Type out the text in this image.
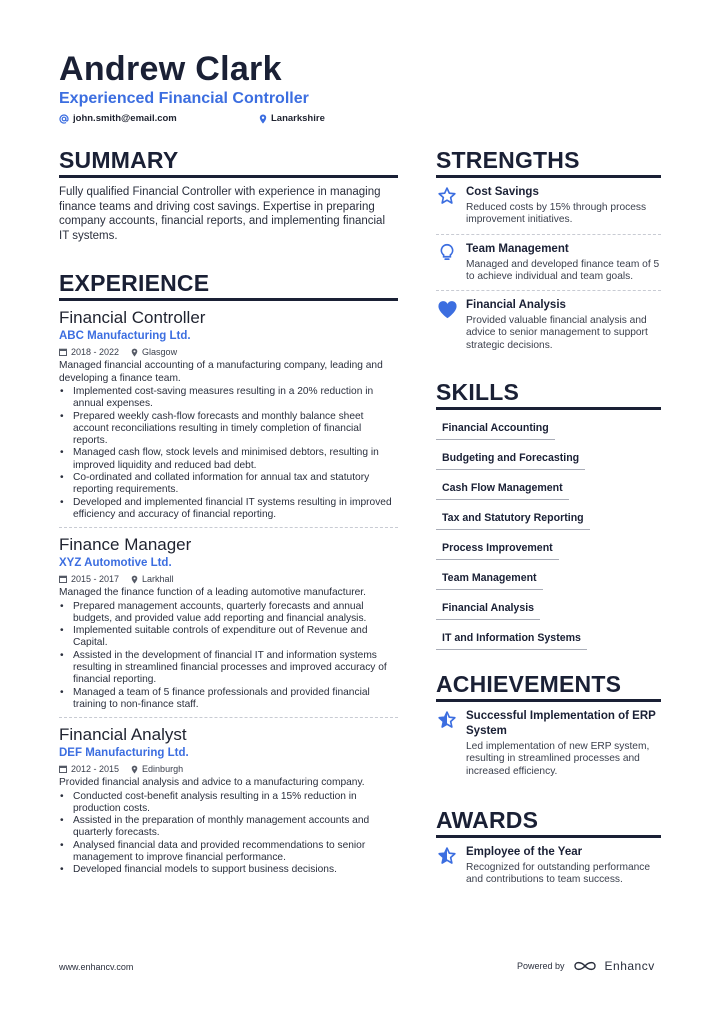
Andrew Clark
Experienced Financial Controller
john.smith@email.com	Lanarkshire
SUMMARY
Fully qualified Financial Controller with experience in managing finance teams and driving cost savings. Expertise in preparing company accounts, financial reports, and implementing financial IT systems.
EXPERIENCE
Financial Controller
ABC Manufacturing Ltd.
2018 - 2022	Glasgow
Managed financial accounting of a manufacturing company, leading and developing a finance team.
• Implemented cost-saving measures resulting in a 20% reduction in annual expenses.
• Prepared weekly cash-flow forecasts and monthly balance sheet account reconciliations resulting in timely completion of financial reports.
• Managed cash flow, stock levels and minimised debtors, resulting in improved liquidity and reduced bad debt.
• Co-ordinated and collated information for annual tax and statutory reporting requirements.
• Developed and implemented financial IT systems resulting in improved efficiency and accuracy of financial reporting.
Finance Manager
XYZ Automotive Ltd.
2015 - 2017	Larkhall
Managed the finance function of a leading automotive manufacturer.
• Prepared management accounts, quarterly forecasts and annual budgets, and provided value add reporting and financial analysis.
• Implemented suitable controls of expenditure out of Revenue and Capital.
• Assisted in the development of financial IT and information systems resulting in streamlined financial processes and improved accuracy of financial reporting.
• Managed a team of 5 finance professionals and provided financial training to non-finance staff.
Financial Analyst
DEF Manufacturing Ltd.
2012 - 2015	Edinburgh
Provided financial analysis and advice to a manufacturing company.
• Conducted cost-benefit analysis resulting in a 15% reduction in production costs.
• Assisted in the preparation of monthly management accounts and quarterly forecasts.
• Analysed financial data and provided recommendations to senior management to improve financial performance.
• Developed financial models to support business decisions.
STRENGTHS
Cost Savings
Reduced costs by 15% through process improvement initiatives.
Team Management
Managed and developed finance team of 5 to achieve individual and team goals.
Financial Analysis
Provided valuable financial analysis and advice to senior management to support strategic decisions.
SKILLS
Financial Accounting
Budgeting and Forecasting
Cash Flow Management
Tax and Statutory Reporting
Process Improvement
Team Management
Financial Analysis
IT and Information Systems
ACHIEVEMENTS
Successful Implementation of ERP System
Led implementation of new ERP system, resulting in streamlined processes and increased efficiency.
AWARDS
Employee of the Year
Recognized for outstanding performance and contributions to team success.
www.enhancv.com	Powered by	Enhancv
